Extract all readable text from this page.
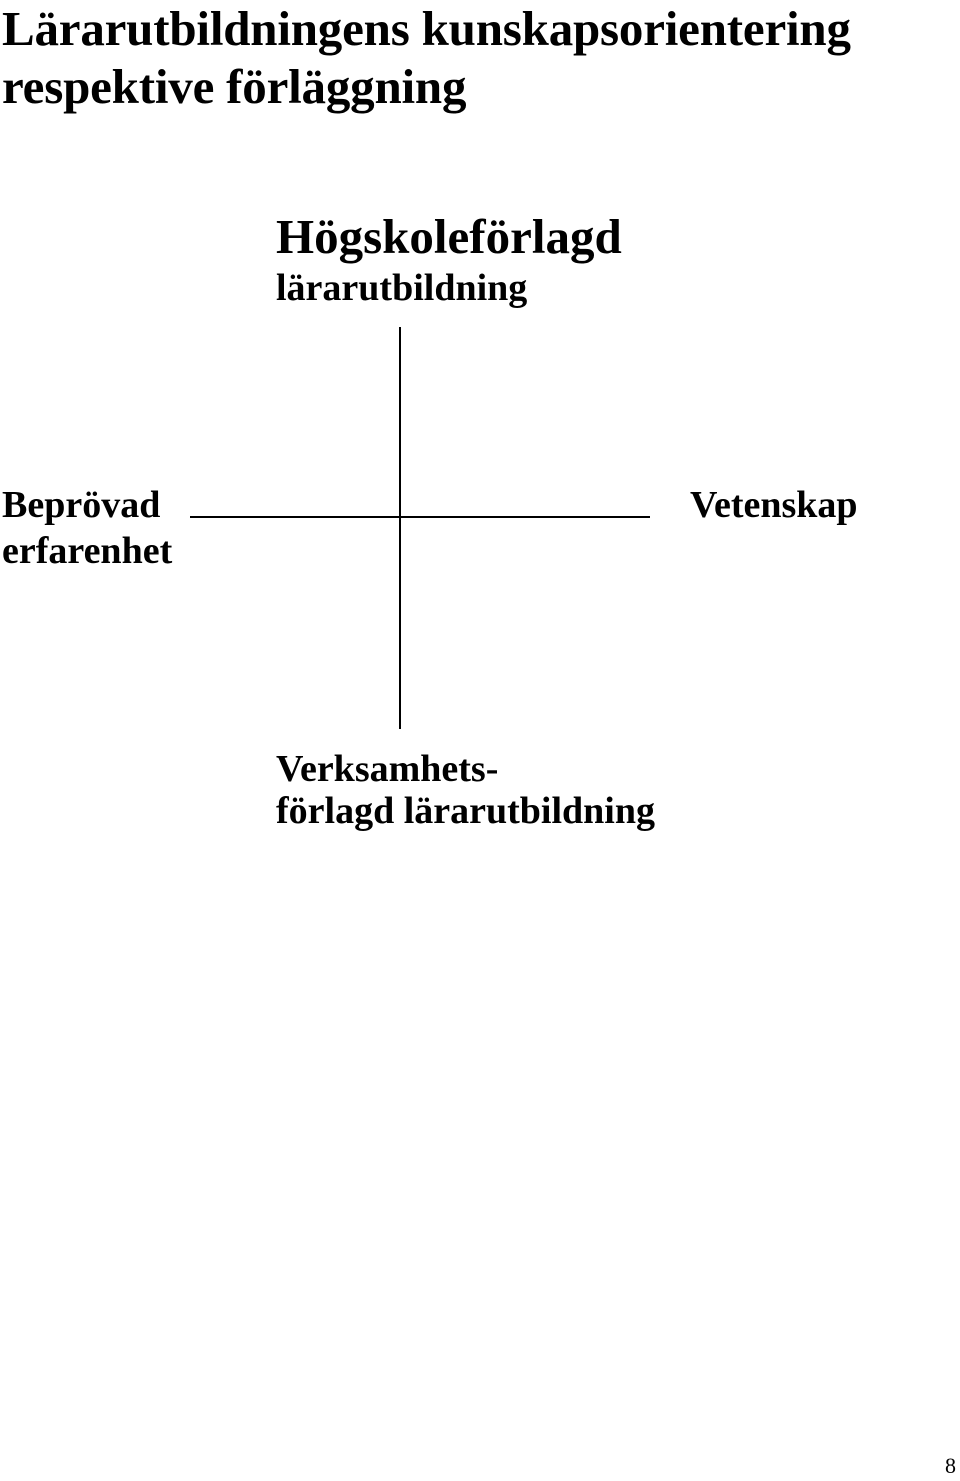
Lärarutbildningens kunskapsorientering
respektive förläggning
Högskoleförlagd
lärarutbildning
Beprövad
erfarenhet
Vetenskap
Verksamhets-
förlagd lärarutbildning
8
